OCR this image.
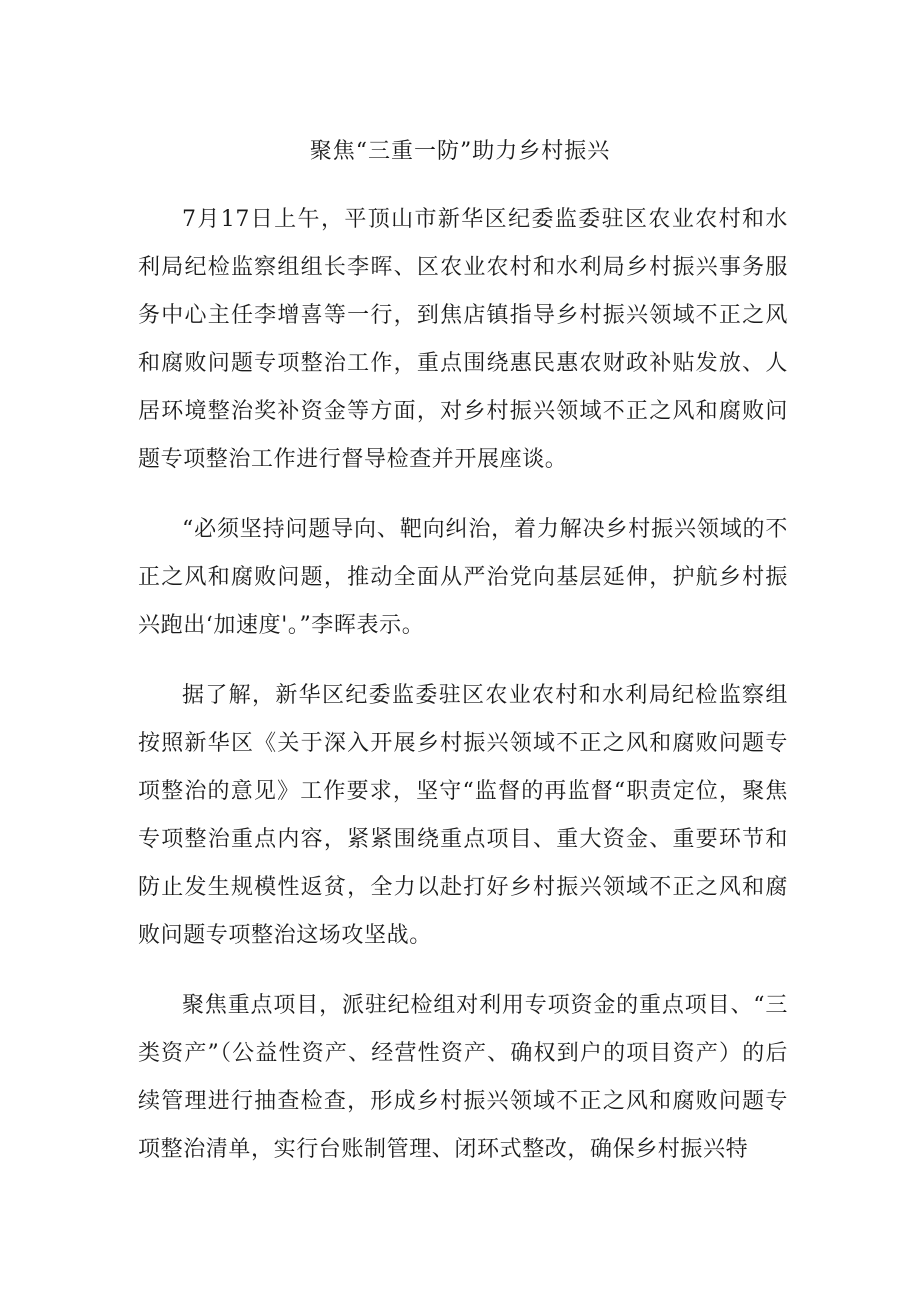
聚焦“三重一防”助力乡村振兴

7月17日上午，平顶山市新华区纪委监委驻区农业农村和水利局纪检监察组组长李晖、区农业农村和水利局乡村振兴事务服务中心主任李增喜等一行，到焦店镇指导乡村振兴领域不正之风和腐败问题专项整治工作，重点围绕惠民惠农财政补贴发放、人居环境整治奖补资金等方面，对乡村振兴领域不正之风和腐败问题专项整治工作进行督导检查并开展座谈。

“必须坚持问题导向、靶向纠治，着力解决乡村振兴领域的不正之风和腐败问题，推动全面从严治党向基层延伸，护航乡村振兴跑出‘加速度'。”李晖表示。

据了解，新华区纪委监委驻区农业农村和水利局纪检监察组按照新华区《关于深入开展乡村振兴领域不正之风和腐败问题专项整治的意见》工作要求，坚守“监督的再监督“职责定位，聚焦专项整治重点内容，紧紧围绕重点项目、重大资金、重要环节和防止发生规模性返贫，全力以赴打好乡村振兴领域不正之风和腐败问题专项整治这场攻坚战。

聚焦重点项目，派驻纪检组对利用专项资金的重点项目、“三类资产”（公益性资产、经营性资产、确权到户的项目资产）的后续管理进行抽查检查，形成乡村振兴领域不正之风和腐败问题专项整治清单，实行台账制管理、闭环式整改，确保乡村振兴特
